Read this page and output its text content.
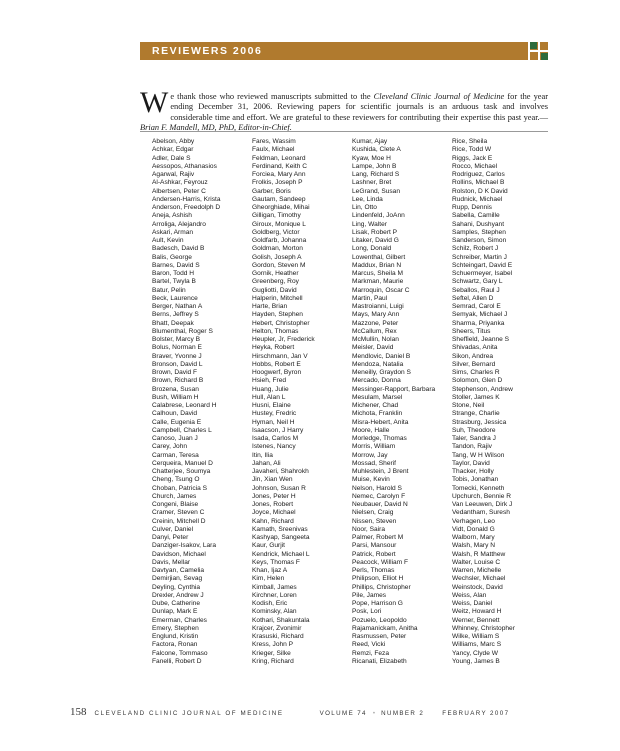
REVIEWERS 2006
We thank those who reviewed manuscripts submitted to the Cleveland Clinic Journal of Medicine for the year ending December 31, 2006. Reviewing papers for scientific journals is an arduous task and involves considerable time and effort. We are grateful to these reviewers for contributing their expertise this past year.—Brian F. Mandell, MD, PhD, Editor-in-Chief.
Abelson, Abby
Achkar, Edgar
Adler, Dale S
Aessopos, Athanasios
Agarwal, Rajiv
Al-Ashkar, Feyrouz
Albertsen, Peter C
Andersen-Harris, Krista
Anderson, Freedolph D
Aneja, Ashish
Arroliga, Alejandro
Askari, Arman
Ault, Kevin
Badesch, David B
Balis, George
Barnes, David S
Baron, Todd H
Bartel, Twyla B
Batur, Pelin
Beck, Laurence
Berger, Nathan A
Berns, Jeffrey S
Bhatt, Deepak
Blumenthal, Roger S
Bolster, Marcy B
Bolus, Norman E
Braver, Yvonne J
Bronson, David L
Brown, David F
Brown, Richard B
Brozena, Susan
Bush, William H
Calabrese, Leonard H
Calhoun, David
Calle, Eugenia E
Campbell, Charles L
Canoso, Juan J
Carey, John
Carman, Teresa
Cerqueira, Manuel D
Chatterjee, Soumya
Cheng, Tsung O
Choban, Patricia S
Church, James
Congeni, Blaise
Cramer, Steven C
Creinin, Mitchell D
Culver, Daniel
Danyi, Peter
Danziger-Isakov, Lara
Davidson, Michael
Davis, Mellar
Davtyan, Camelia
Demirjian, Sevag
Deyling, Cynthia
Drexler, Andrew J
Dube, Catherine
Dunlap, Mark E
Emerman, Charles
Emery, Stephen
Englund, Kristin
Factora, Ronan
Falcone, Tommaso
Fanelli, Robert D
Fares, Wassim
Faulx, Michael
Feldman, Leonard
Ferdinand, Keith C
Forciea, Mary Ann
Frolkis, Joseph P
Garber, Boris
Gautam, Sandeep
Gheorghiade, Mihai
Gilligan, Timothy
Giroux, Monique L
Goldberg, Victor
Goldfarb, Johanna
Goldman, Morton
Golish, Joseph A
Gordon, Steven M
Gornik, Heather
Greenberg, Roy
Gugliotti, David
Halperin, Mitchell
Harte, Brian
Hayden, Stephen
Hebert, Christopher
Helton, Thomas
Heupler, Jr, Frederick
Heyka, Robert
Hirschmann, Jan V
Hobbs, Robert E
Hoogwerf, Byron
Hsieh, Fred
Huang, Julie
Hull, Alan L
Husni, Elaine
Hustey, Fredric
Hyman, Neil H
Isaacson, J Harry
Isada, Carlos M
Istenes, Nancy
Itin, Ilia
Jahan, Ali
Javaheri, Shahrokh
Jin, Xian Wen
Johnson, Susan R
Jones, Peter H
Jones, Robert
Joyce, Michael
Kahn, Richard
Kamath, Sreenivas
Kashyap, Sangeeta
Kaur, Gurjit
Kendrick, Michael L
Keys, Thomas F
Khan, Ijaz A
Kim, Helen
Kimball, James
Kirchner, Loren
Kodish, Eric
Kominsky, Alan
Kothari, Shakuntala
Krajcer, Zvonimir
Krasuski, Richard
Kress, John P
Krieger, Silke
Kring, Richard
Kumar, Ajay
Kushida, Clete A
Kyaw, Moe H
Lampe, John B
Lang, Richard S
Lashner, Bret
LeGrand, Susan
Lee, Linda
Lin, Otto
Lindenfeld, JoAnn
Ling, Walter
Lisak, Robert P
Litaker, David G
Long, Donald
Lowenthal, Gilbert
Maddux, Brian N
Marcus, Sheila M
Markman, Maurie
Marroquin, Oscar C
Martin, Paul
Mastroianni, Luigi
Mays, Mary Ann
Mazzone, Peter
McCallum, Rex
McMullin, Nolan
Meisler, David
Mendlovic, Daniel B
Mendoza, Natalia
Meneilly, Graydon S
Mercado, Donna
Messinger-Rapport, Barbara
Mesulam, Marsel
Michener, Chad
Michota, Franklin
Misra-Hebert, Anita
Moore, Halle
Morledge, Thomas
Morris, William
Morrow, Jay
Mossad, Sherif
Muhlestein, J Brent
Muise, Kevin
Nelson, Harold S
Nemec, Carolyn F
Neubauer, David N
Nielsen, Craig
Nissen, Steven
Noor, Saira
Palmer, Robert M
Parsi, Mansour
Patrick, Robert
Peacock, William F
Perls, Thomas
Philipson, Elliot H
Phillips, Christopher
Pile, James
Pope, Harrison G
Posk, Lori
Pozuelo, Leopoldo
Rajamanickam, Anitha
Rasmussen, Peter
Reed, Vicki
Remzi, Feza
Ricanati, Elizabeth
Rice, Sheila
Rice, Todd W
Riggs, Jack E
Rocco, Michael
Rodriguez, Carlos
Rollins, Michael B
Rolston, D K David
Rudnick, Michael
Rupp, Dennis
Sabella, Camille
Sahani, Dushyant
Samples, Stephen
Sanderson, Simon
Schilz, Robert J
Schreiber, Martin J
Schteingart, David E
Schuermeyer, Isabel
Schwartz, Gary L
Seballos, Raul J
Seftel, Allen D
Semrad, Carol E
Semyak, Michael J
Sharma, Priyanka
Sheers, Titus
Sheffield, Jeanne S
Shivadas, Anita
Sikon, Andrea
Silver, Bernard
Sims, Charles R
Solomon, Glen D
Stephenson, Andrew
Stoller, James K
Stone, Neil
Strange, Charlie
Strasburg, Jessica
Suh, Theodore
Taler, Sandra J
Tandon, Rajiv
Tang, W H Wilson
Taylor, David
Thacker, Holly
Tobis, Jonathan
Tomecki, Kenneth
Upchurch, Bennie R
Van Leeuwen, Dirk J
Vedantham, Suresh
Verhagen, Leo
Vidt, Donald G
Walborn, Mary
Walsh, Mary N
Walsh, R Matthew
Walter, Louise C
Warren, Michelle
Wechsler, Michael
Weinstock, David
Weiss, Alan
Weiss, Daniel
Weitz, Howard H
Werner, Bennett
Whinney, Christopher
Wilke, William S
Williams, Marc S
Yancy, Clyde W
Young, James B
158 CLEVELAND CLINIC JOURNAL OF MEDICINE	VOLUME 74 • NUMBER 2	FEBRUARY 2007
